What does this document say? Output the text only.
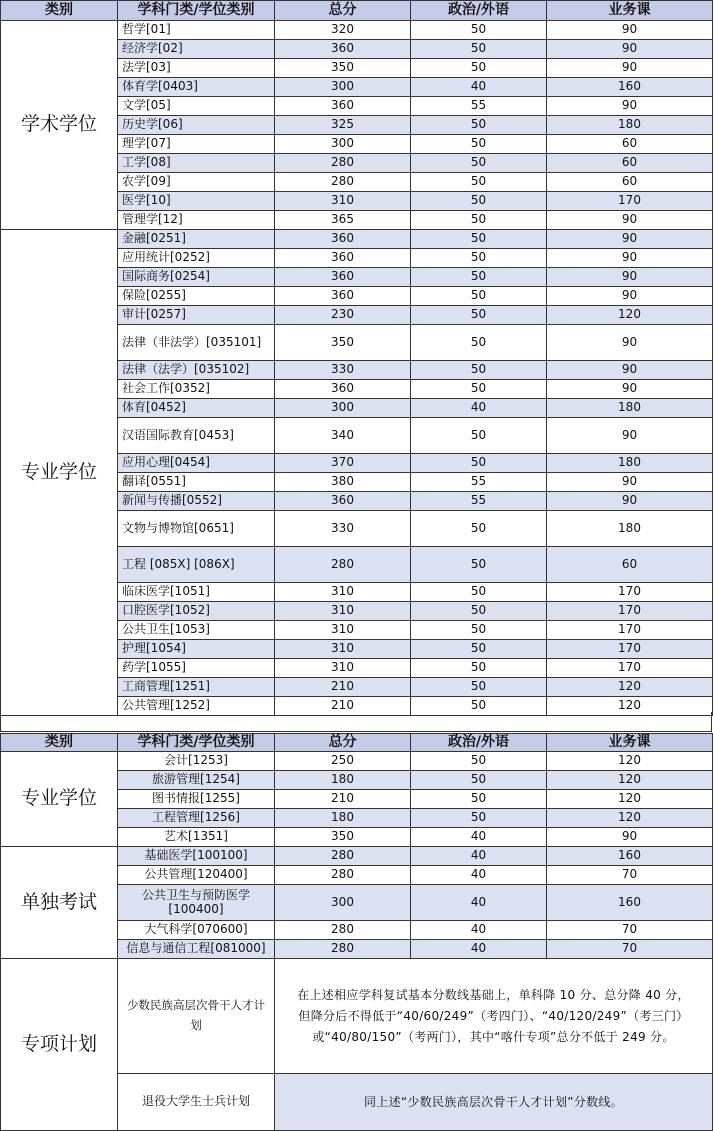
类别	学科门类/学位类别	总分	政治/外语	业务课
学术学位	哲学[01]	320	50	90
	经济学[02]	360	50	90
	法学[03]	350	50	90
	体育学[0403]	300	40	160
	文学[05]	360	55	90
	历史学[06]	325	50	180
	理学[07]	300	50	60
	工学[08]	280	50	60
	农学[09]	280	50	60
	医学[10]	310	50	170
	管理学[12]	365	50	90
专业学位	金融[0251]	360	50	90
	应用统计[0252]	360	50	90
	国际商务[0254]	360	50	90
	保险[0255]	360	50	90
	审计[0257]	230	50	120
	法律（非法学）[035101]	350	50	90
	法律（法学）[035102]	330	50	90
	社会工作[0352]	360	50	90
	体育[0452]	300	40	180
	汉语国际教育[0453]	340	50	90
	应用心理[0454]	370	50	180
	翻译[0551]	380	55	90
	新闻与传播[0552]	360	55	90
	文物与博物馆[0651]	330	50	180
	工程 [085X] [086X]	280	50	60
	临床医学[1051]	310	50	170
	口腔医学[1052]	310	50	170
	公共卫生[1053]	310	50	170
	护理[1054]	310	50	170
	药学[1055]	310	50	170
	工商管理[1251]	210	50	120
	公共管理[1252]	210	50	120
类别	学科门类/学位类别	总分	政治/外语	业务课
专业学位	会计[1253]	250	50	120
	旅游管理[1254]	180	50	120
	图书情报[1255]	210	50	120
	工程管理[1256]	180	50	120
	艺术[1351]	350	40	90
单独考试	基础医学[100100]	280	40	160
	公共管理[120400]	280	40	70
	公共卫生与预防医学[100400]	300	40	160
	大气科学[070600]	280	40	70
	信息与通信工程[081000]	280	40	70
专项计划	少数民族高层次骨干人才计划	在上述相应学科复试基本分数线基础上，单科降 10 分、总分降 40 分，但降分后不得低于“40/60/249”（考四门）、“40/120/249”（考三门）或“40/80/150”（考两门），其中“喀什专项”总分不低于 249 分。		
	退役大学生士兵计划	同上述“少数民族高层次骨干人才计划”分数线。		
